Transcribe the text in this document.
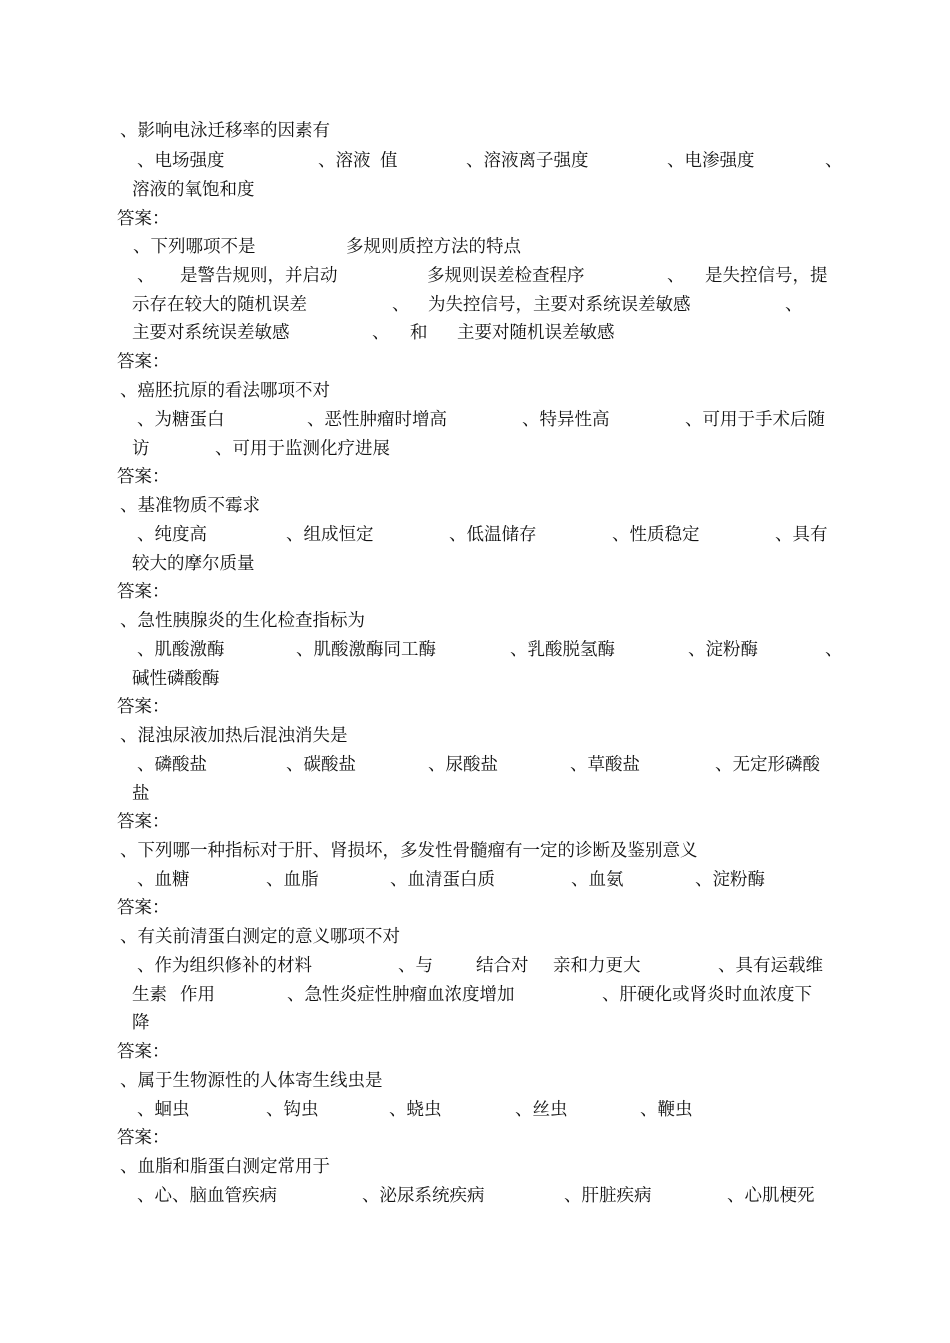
、影响电泳迁移率的因素有
、电场强度	、溶液 值	、溶液离子强度	、电渗强度	、
溶液的氧饱和度
答案：
、下列哪项不是	多规则质控方法的特点
、 是警告规则，并启动	多规则误差检查程序	、 是失控信号，提
示存在较大的随机误差	、 为失控信号，主要对系统误差敏感	、
主要对系统误差敏感	、 和 主要对随机误差敏感
答案：
、癌胚抗原的看法哪项不对
、为糖蛋白	、恶性肿瘤时增高	、特异性高	、可用于手术后随
访	、可用于监测化疗进展
答案：
、基准物质不霉求
、纯度高	、组成恒定	、低温储存	、性质稳定	、具有
较大的摩尔质量
答案：
、急性胰腺炎的生化检查指标为
、肌酸激酶	、肌酸激酶同工酶	、乳酸脱氢酶	、淀粉酶	、
碱性磷酸酶
答案：
、混浊尿液加热后混浊消失是
、磷酸盐	、碳酸盐	、尿酸盐	、草酸盐	、无定形磷酸
盐
答案：
、下列哪一种指标对于肝、肾损坏，多发性骨髓瘤有一定的诊断及鉴别意义
、血糖	、血脂	、血清蛋白质	、血氨	、淀粉酶
答案：
、有关前清蛋白测定的意义哪项不对
、作为组织修补的材料	、与 结合对 亲和力更大	、具有运载维
生素 作用	、急性炎症性肿瘤血浓度增加	、肝硬化或肾炎时血浓度下
降
答案：
、属于生物源性的人体寄生线虫是
、蛔虫	、钩虫	、蛲虫	、丝虫	、鞭虫
答案：
、血脂和脂蛋白测定常用于
、心、脑血管疾病	、泌尿系统疾病	、肝脏疾病	、心肌梗死
